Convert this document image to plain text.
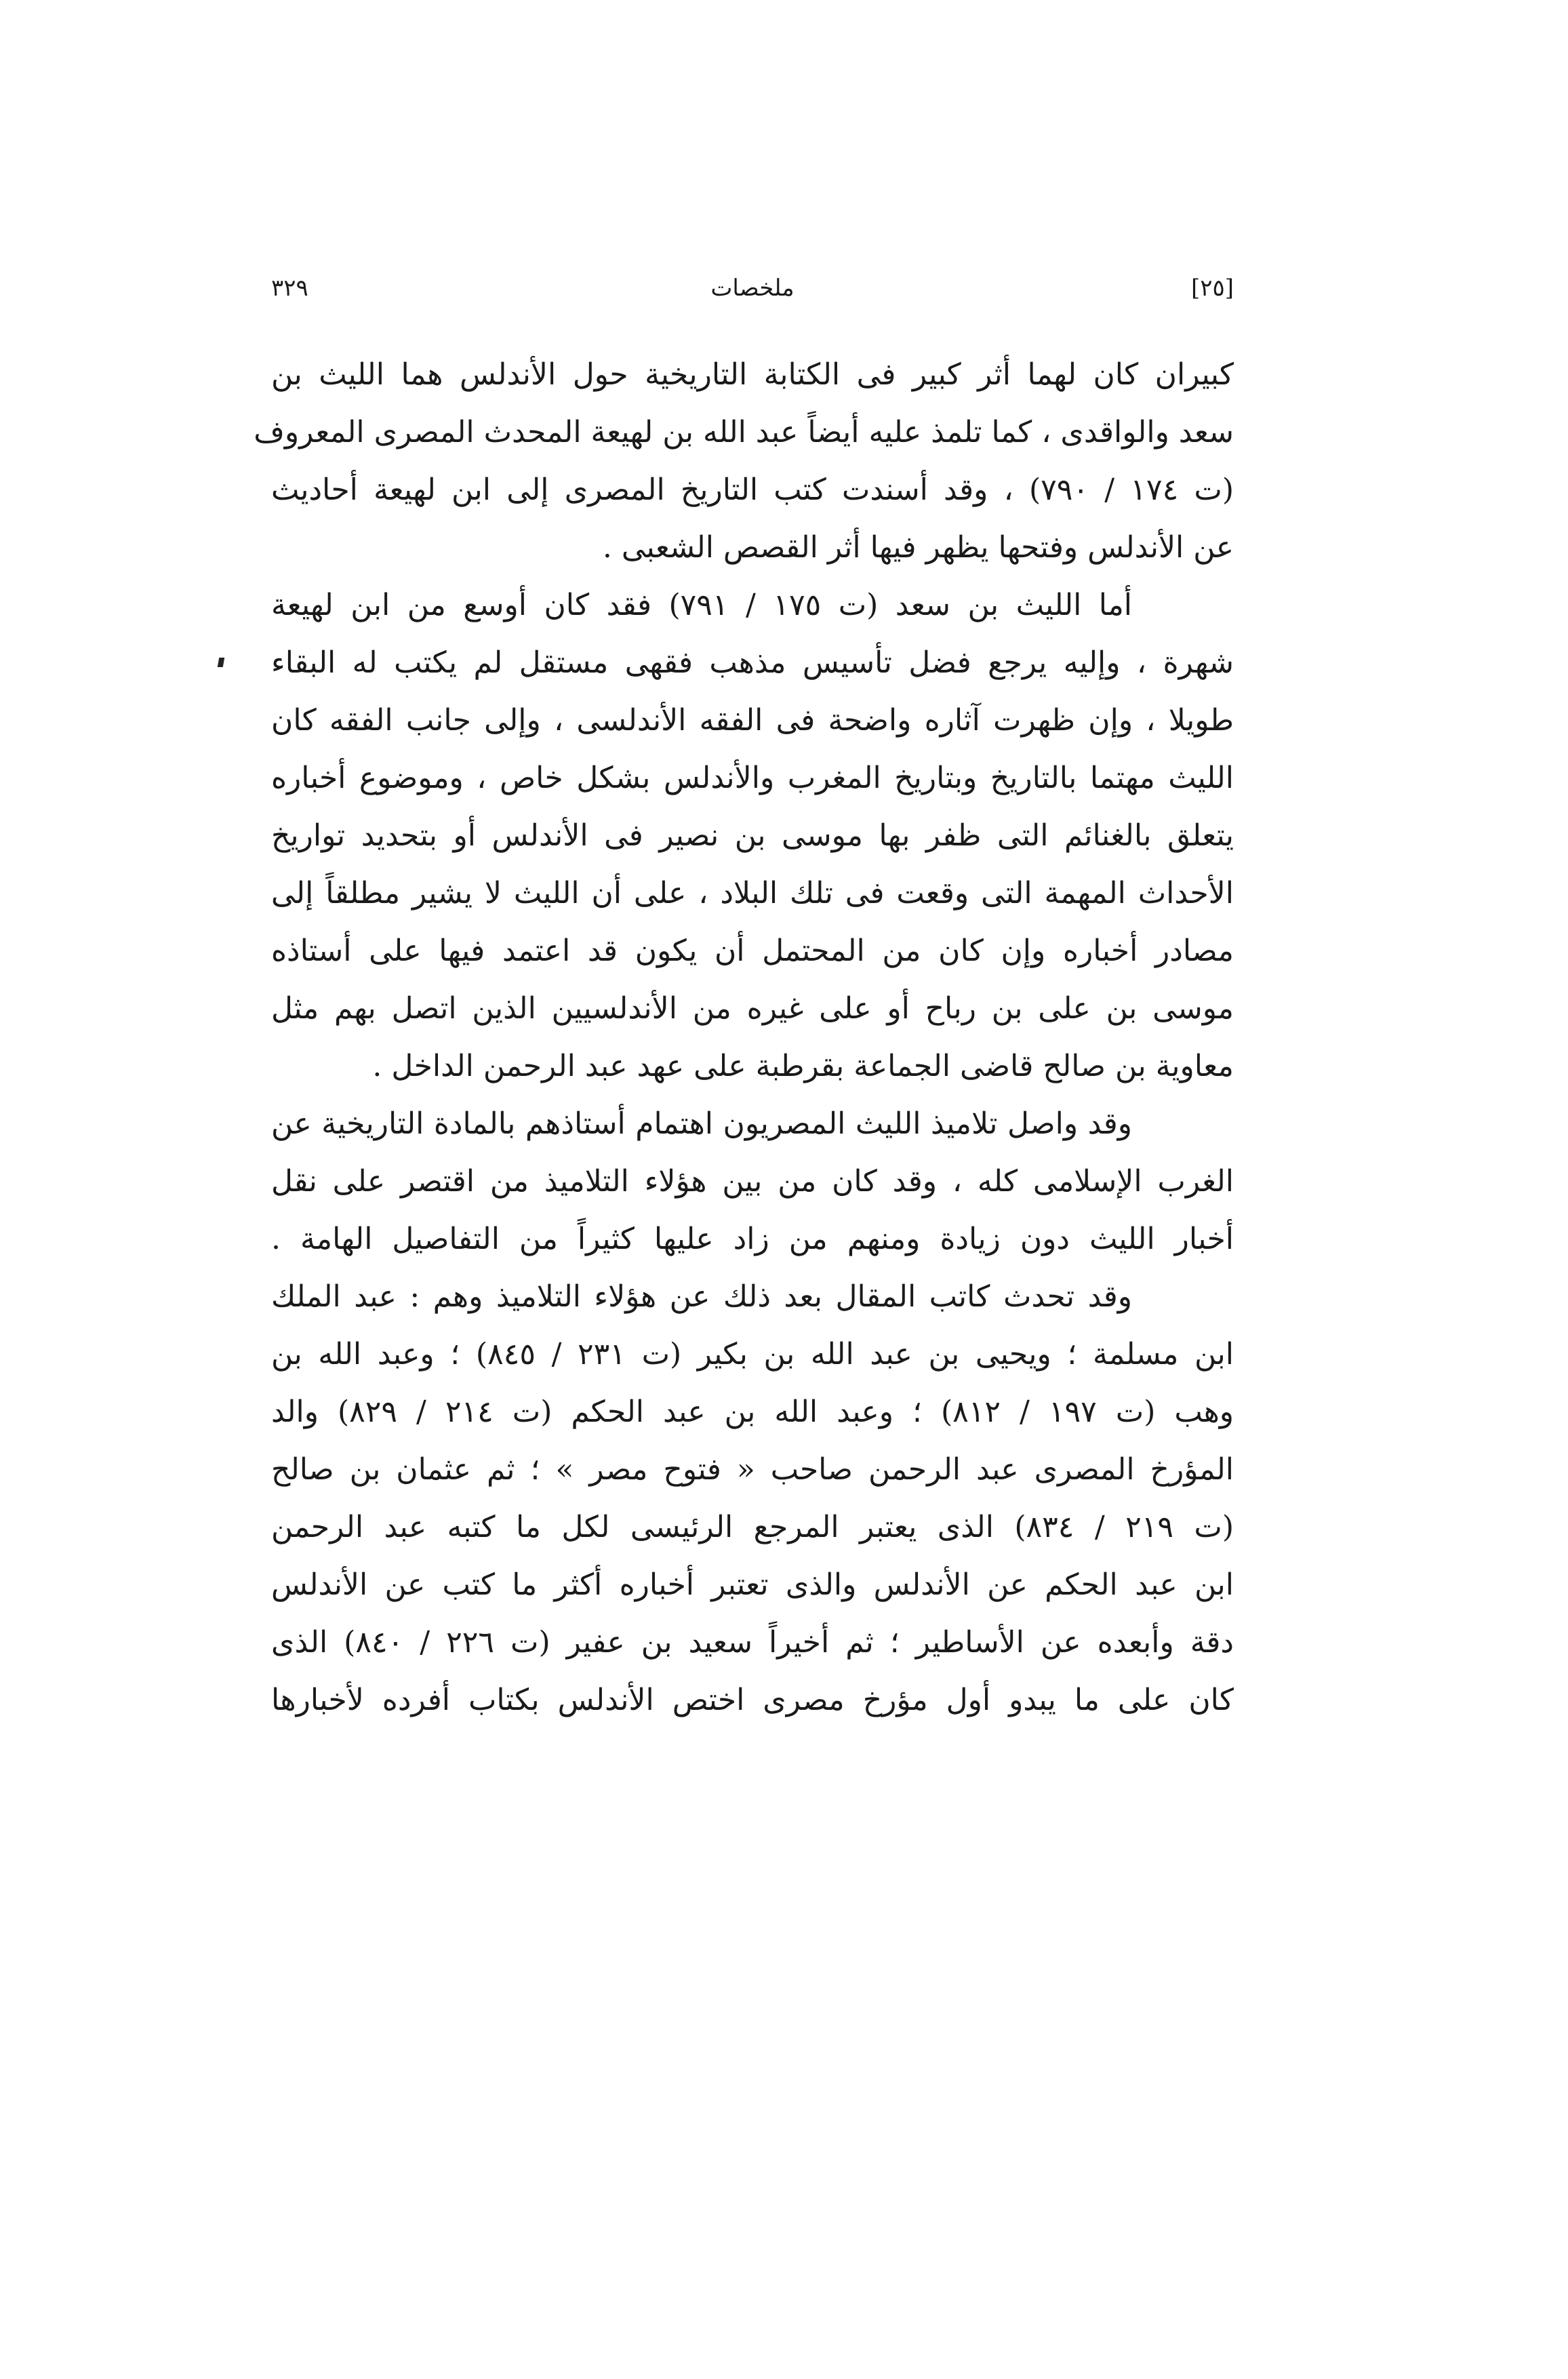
٣٢٩	ملخصات	[٢٥]
كبيران كان لهما أثر كبير فى الكتابة التاريخية حول الأندلس هما الليث بن
سعد والواقدى ، كما تلمذ عليه أيضاً عبد الله بن لهيعة المحدث المصرى المعروف
(ت ١٧٤ / ٧٩٠) ، وقد أسندت كتب التاريخ المصرى إلى ابن لهيعة أحاديث
عن الأندلس وفتحها يظهر فيها أثر القصص الشعبى .
أما الليث بن سعد (ت ١٧٥ / ٧٩١) فقد كان أوسع من ابن لهيعة
شهرة ، وإليه يرجع فضل تأسيس مذهب فقهى مستقل لم يكتب له البقاء
طويلا ، وإن ظهرت آثاره واضحة فى الفقه الأندلسى ، وإلى جانب الفقه كان
الليث مهتما بالتاريخ وبتاريخ المغرب والأندلس بشكل خاص ، وموضوع أخباره
يتعلق بالغنائم التى ظفر بها موسى بن نصير فى الأندلس أو بتحديد تواريخ
الأحداث المهمة التى وقعت فى تلك البلاد ، على أن الليث لا يشير مطلقاً إلى
مصادر أخباره وإن كان من المحتمل أن يكون قد اعتمد فيها على أستاذه
موسى بن على بن رباح أو على غيره من الأندلسيين الذين اتصل بهم مثل
معاوية بن صالح قاضى الجماعة بقرطبة على عهد عبد الرحمن الداخل .
وقد واصل تلاميذ الليث المصريون اهتمام أستاذهم بالمادة التاريخية عن
الغرب الإسلامى كله ، وقد كان من بين هؤلاء التلاميذ من اقتصر على نقل
أخبار الليث دون زيادة ومنهم من زاد عليها كثيراً من التفاصيل الهامة .
وقد تحدث كاتب المقال بعد ذلك عن هؤلاء التلاميذ وهم : عبد الملك
ابن مسلمة ؛ ويحيى بن عبد الله بن بكير (ت ٢٣١ / ٨٤٥) ؛ وعبد الله بن
وهب (ت ١٩٧ / ٨١٢) ؛ وعبد الله بن عبد الحكم (ت ٢١٤ / ٨٢٩) والد
المؤرخ المصرى عبد الرحمن صاحب « فتوح مصر » ؛ ثم عثمان بن صالح
(ت ٢١٩ / ٨٣٤) الذى يعتبر المرجع الرئيسى لكل ما كتبه عبد الرحمن
ابن عبد الحكم عن الأندلس والذى تعتبر أخباره أكثر ما كتب عن الأندلس
دقة وأبعده عن الأساطير ؛ ثم أخيراً سعيد بن عفير (ت ٢٢٦ / ٨٤٠) الذى
كان على ما يبدو أول مؤرخ مصرى اختص الأندلس بكتاب أفرده لأخبارها
